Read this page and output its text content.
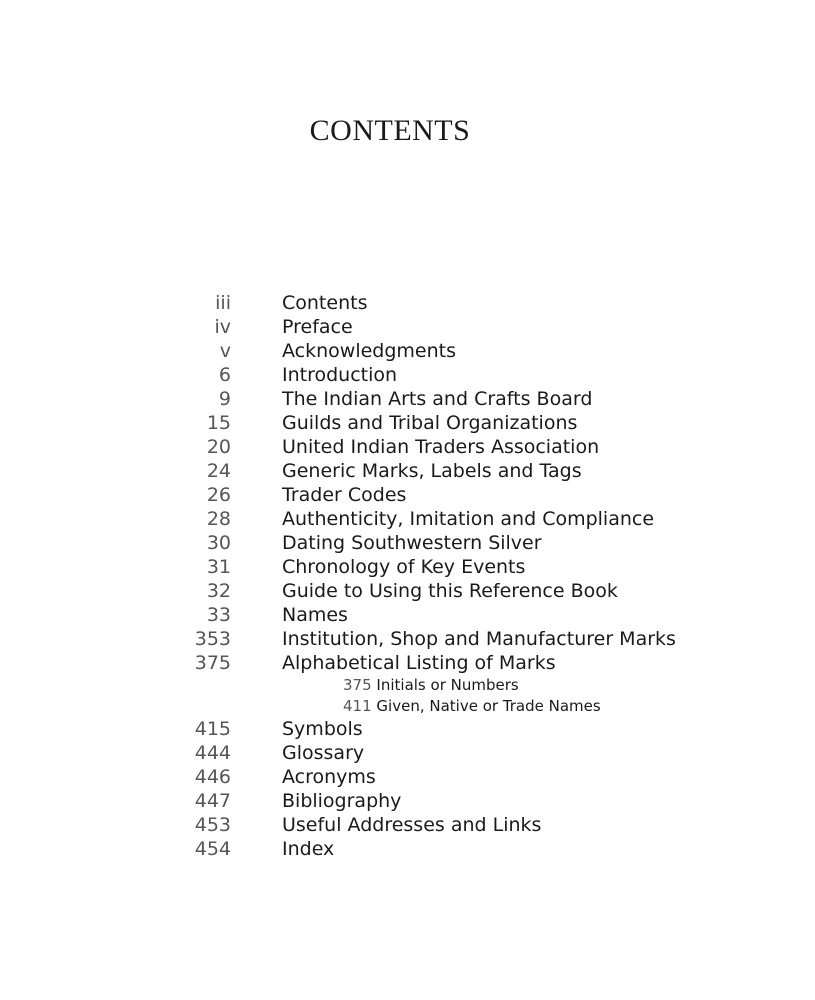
CONTENTS
iii	Contents
iv	Preface
v	Acknowledgments
6	Introduction
9	The Indian Arts and Crafts Board
15	Guilds and Tribal Organizations
20	United Indian Traders Association
24	Generic Marks, Labels and Tags
26	Trader Codes
28	Authenticity, Imitation and Compliance
30	Dating Southwestern Silver
31	Chronology of Key Events
32	Guide to Using this Reference Book
33	Names
353	Institution, Shop and Manufacturer Marks
375	Alphabetical Listing of Marks
375 Initials or Numbers
411 Given, Native or Trade Names
415	Symbols
444	Glossary
446	Acronyms
447	Bibliography
453	Useful Addresses and Links
454	Index
